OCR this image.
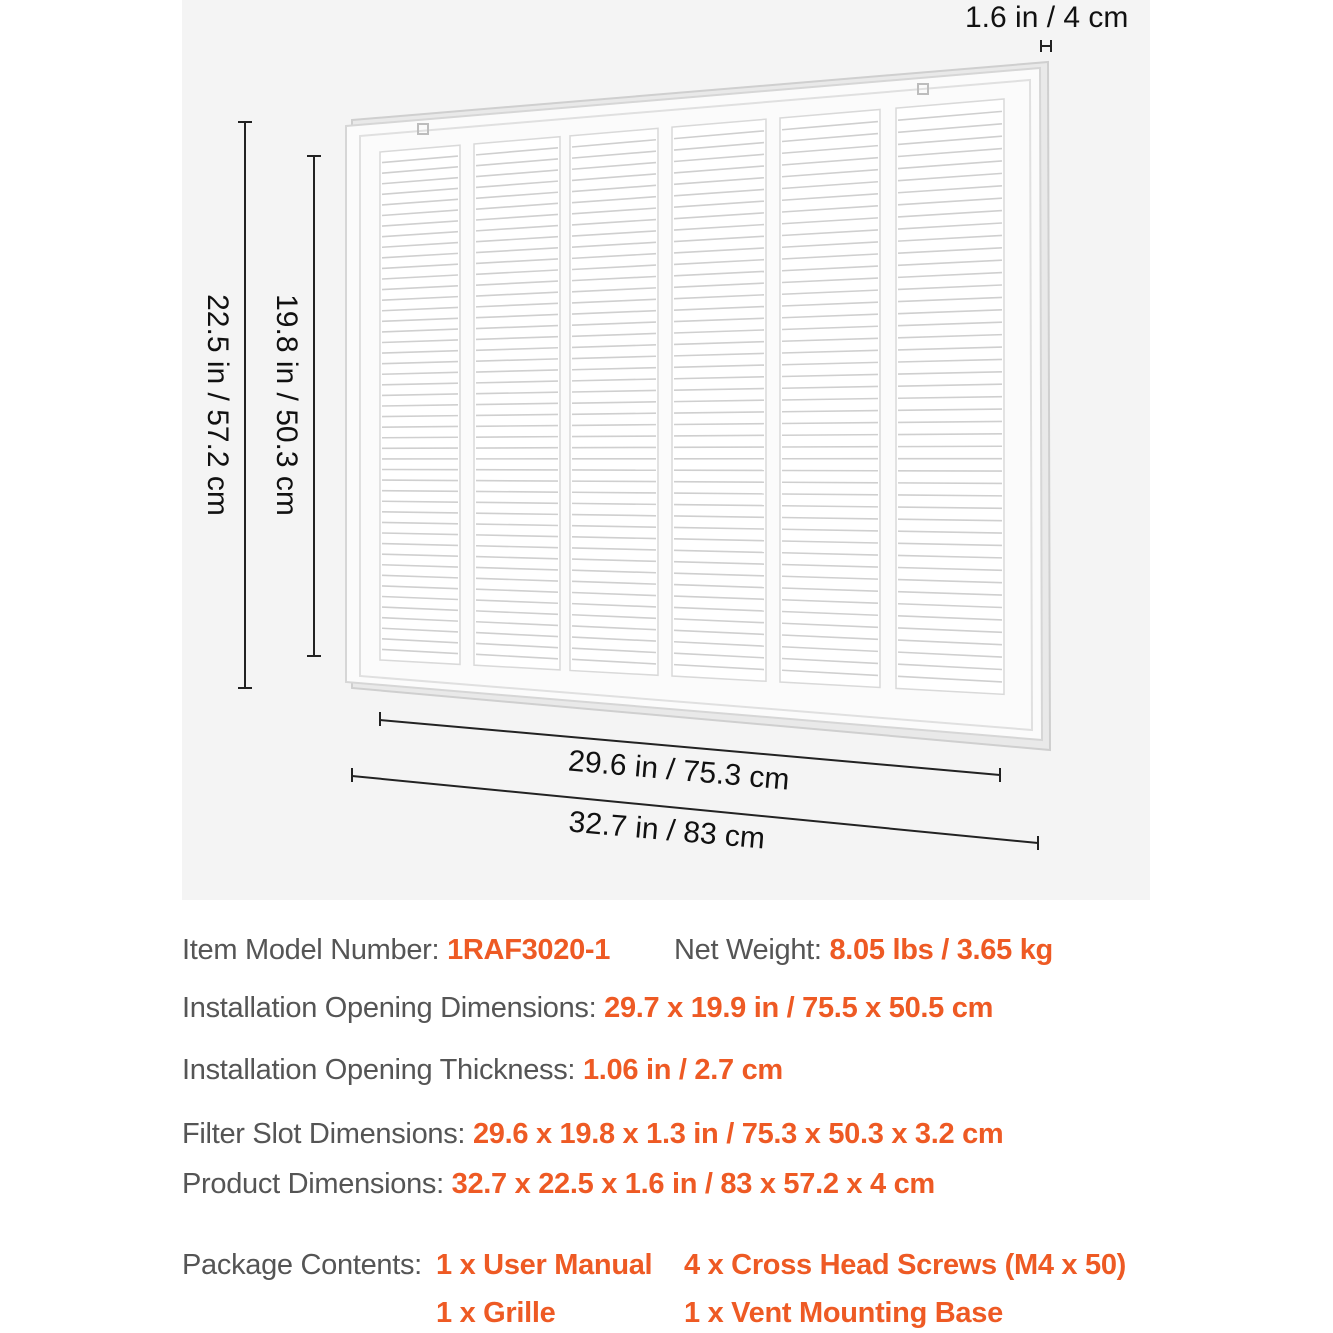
1.6 in / 4 cm
22.5 in / 57.2 cm 19.8 in / 50.3 cm
29.6 in / 75.3 cm
32.7 in / 83 cm
Item Model Number: 1RAF3020-1 Net Weight: 8.05 lbs / 3.65 kg
Installation Opening Dimensions: 29.7 x 19.9 in / 75.5 x 50.5 cm
Installation Opening Thickness: 1.06 in / 2.7 cm
Filter Slot Dimensions: 29.6 x 19.8 x 1.3 in / 75.3 x 50.3 x 3.2 cm
Product Dimensions: 32.7 x 22.5 x 1.6 in / 83 x 57.2 x 4 cm
Package Contents: 1 x User Manual 4 x Cross Head Screws (M4 x 50)
1 x Grille	1 x Vent Mounting Base
